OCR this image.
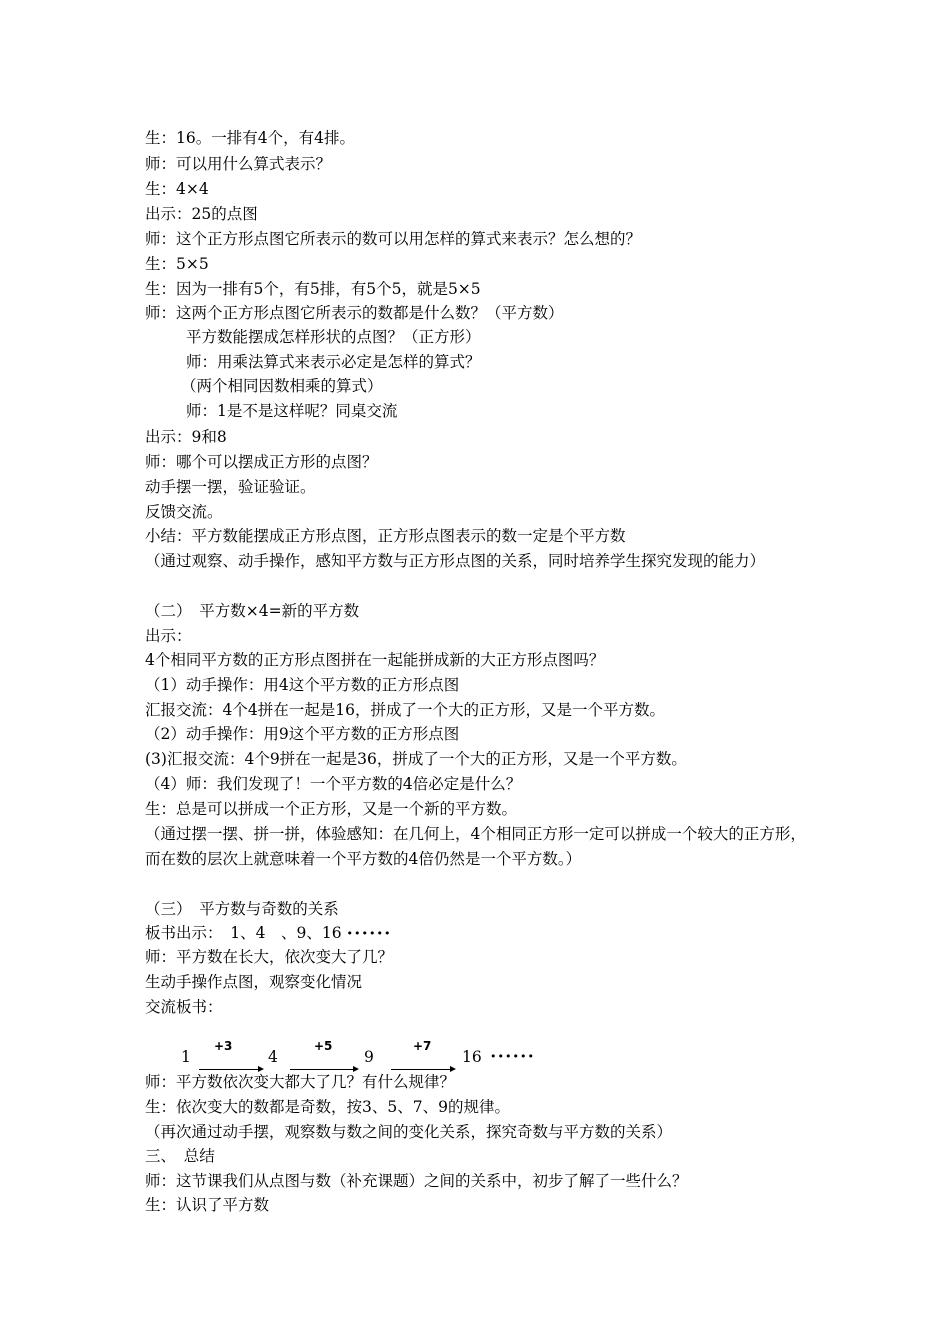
生：16。一排有4个，有4排。
师：可以用什么算式表示？
生：4×4
出示：25的点图
师：这个正方形点图它所表示的数可以用怎样的算式来表示？怎么想的？
生：5×5
生：因为一排有5个，有5排，有5个5，就是5×5
师：这两个正方形点图它所表示的数都是什么数？（平方数）
平方数能摆成怎样形状的点图？（正方形）
师：用乘法算式来表示必定是怎样的算式？
（两个相同因数相乘的算式）
师：1是不是这样呢？同桌交流
出示：9和8
师：哪个可以摆成正方形的点图？
动手摆一摆，验证验证。
反馈交流。
小结：平方数能摆成正方形点图，正方形点图表示的数一定是个平方数
（通过观察、动手操作，感知平方数与正方形点图的关系，同时培养学生探究发现的能力）
（二）　平方数×4=新的平方数
出示：
4个相同平方数的正方形点图拼在一起能拼成新的大正方形点图吗？
（1）动手操作：用4这个平方数的正方形点图
汇报交流：4个4拼在一起是16，拼成了一个大的正方形，又是一个平方数。
（2）动手操作：用9这个平方数的正方形点图
(3)汇报交流：4个9拼在一起是36，拼成了一个大的正方形，又是一个平方数。
（4）师：我们发现了！一个平方数的4倍必定是什么？
生：总是可以拼成一个正方形，又是一个新的平方数。
（通过摆一摆、拼一拼，体验感知：在几何上，4个相同正方形一定可以拼成一个较大的正方形，而在数的层次上就意味着一个平方数的4倍仍然是一个平方数。）
（三）　平方数与奇数的关系
板书出示：　1、4　、9、16 ••••••
师：平方数在长大，依次变大了几？
生动手操作点图，观察变化情况
交流板书：
1
+3
4
+5
9
+7
16 ••••••
师：平方数依次变大都大了几？有什么规律？
生：依次变大的数都是奇数，按3、5、7、9的规律。
（再次通过动手摆，观察数与数之间的变化关系，探究奇数与平方数的关系）
三、　总结
师：这节课我们从点图与数（补充课题）之间的关系中，初步了解了一些什么？
生：认识了平方数
